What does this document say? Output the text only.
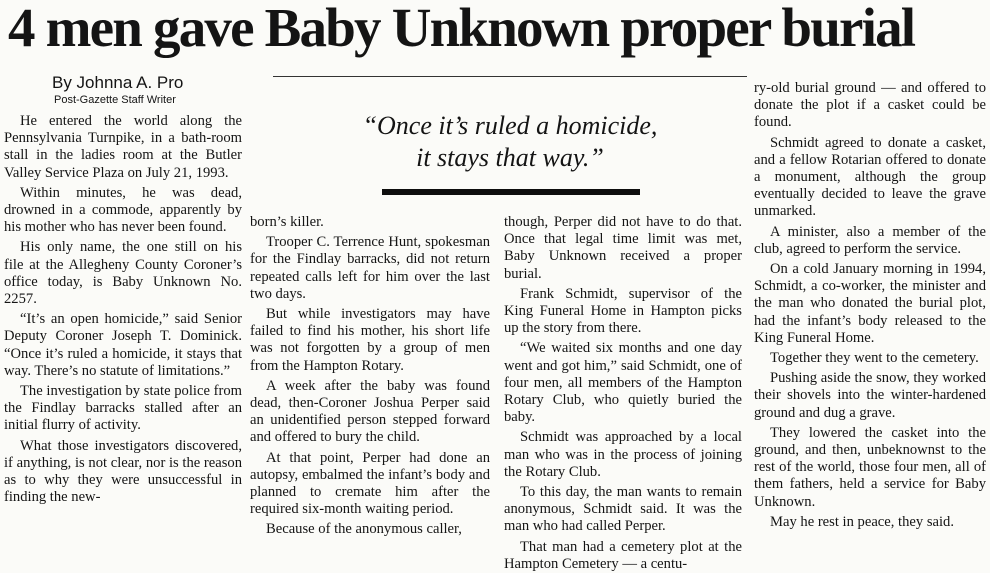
4 men gave Baby Unknown proper burial
By Johnna A. Pro
Post-Gazette Staff Writer
“Once it’s ruled a homicide,
it stays that way.”

He entered the world along the Pennsylvania Turnpike, in a bath-room stall in the ladies room at the Butler Valley Service Plaza on July 21, 1993.

Within minutes, he was dead, drowned in a commode, apparently by his mother who has never been found.

His only name, the one still on his file at the Allegheny County Coroner’s office today, is Baby Unknown No. 2257.

“It’s an open homicide,” said Senior Deputy Coroner Joseph T. Dominick. “Once it’s ruled a homicide, it stays that way. There’s no statute of limitations.”

The investigation by state police from the Findlay barracks stalled after an initial flurry of activity.

What those investigators discovered, if anything, is not clear, nor is the reason as to why they were unsuccessful in finding the new-

born’s killer.

Trooper C. Terrence Hunt, spokesman for the Findlay barracks, did not return repeated calls left for him over the last two days.

But while investigators may have failed to find his mother, his short life was not forgotten by a group of men from the Hampton Rotary.

A week after the baby was found dead, then-Coroner Joshua Perper said an unidentified person stepped forward and offered to bury the child.

At that point, Perper had done an autopsy, embalmed the infant’s body and planned to cremate him after the required six-month waiting period.

Because of the anonymous caller,

though, Perper did not have to do that. Once that legal time limit was met, Baby Unknown received a proper burial.

Frank Schmidt, supervisor of the King Funeral Home in Hampton picks up the story from there.

“We waited six months and one day went and got him,” said Schmidt, one of four men, all members of the Hampton Rotary Club, who quietly buried the baby.

Schmidt was approached by a local man who was in the process of joining the Rotary Club.

To this day, the man wants to remain anonymous, Schmidt said. It was the man who had called Perper.

That man had a cemetery plot at the Hampton Cemetery — a centu-

ry-old burial ground — and offered to donate the plot if a casket could be found.

Schmidt agreed to donate a casket, and a fellow Rotarian offered to donate a monument, although the group eventually decided to leave the grave unmarked.

A minister, also a member of the club, agreed to perform the service.

On a cold January morning in 1994, Schmidt, a co-worker, the minister and the man who donated the burial plot, had the infant’s body released to the King Funeral Home.

Together they went to the cemetery.

Pushing aside the snow, they worked their shovels into the winter-hardened ground and dug a grave.

They lowered the casket into the ground, and then, unbeknownst to the rest of the world, those four men, all of them fathers, held a service for Baby Unknown.

May he rest in peace, they said.
